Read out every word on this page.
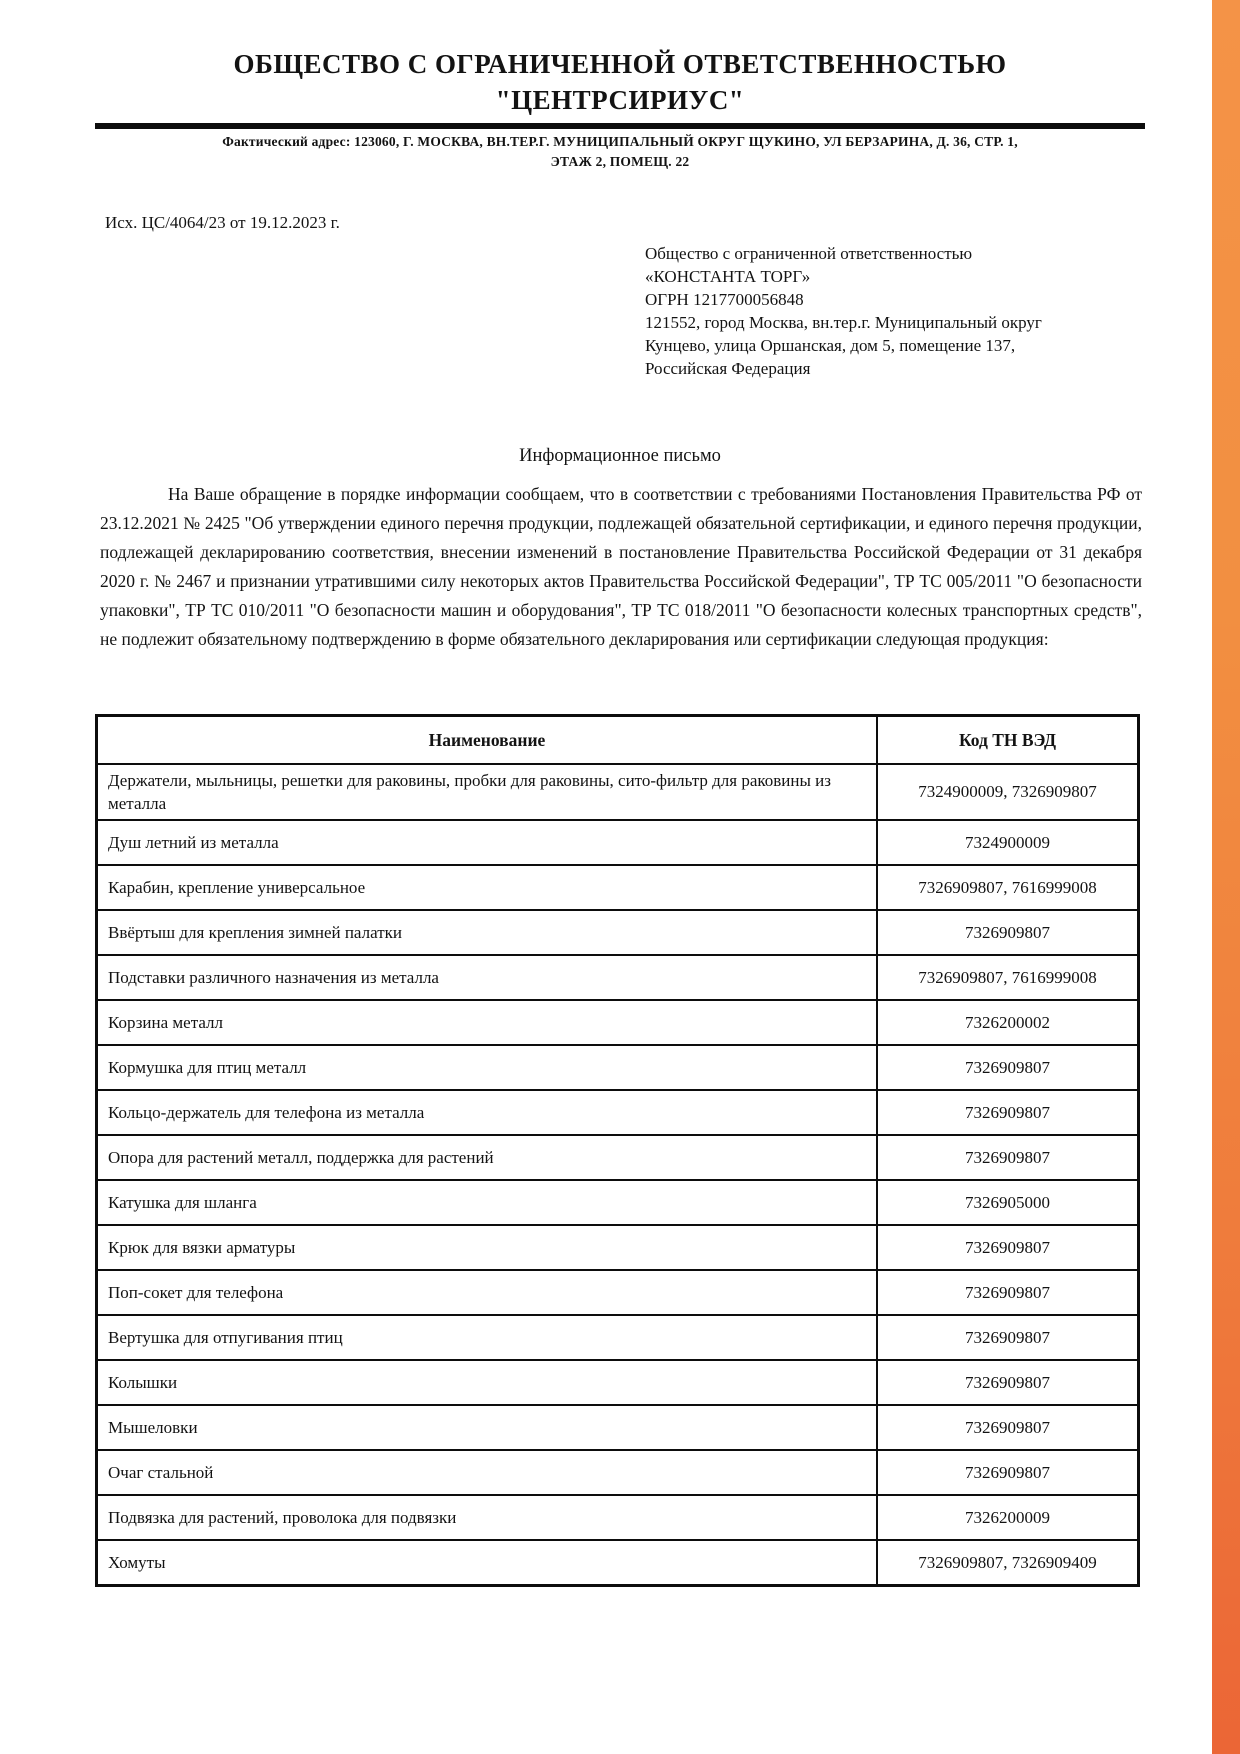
ОБЩЕСТВО С ОГРАНИЧЕННОЙ ОТВЕТСТВЕННОСТЬЮ
"ЦЕНТРСИРИУС"
Фактический адрес: 123060, Г. МОСКВА, ВН.ТЕР.Г. МУНИЦИПАЛЬНЫЙ ОКРУГ ЩУКИНО, УЛ БЕРЗАРИНА, Д. 36, СТР. 1,
ЭТАЖ 2, ПОМЕЩ. 22
Исх. ЦС/4064/23 от 19.12.2023 г.
Общество с ограниченной ответственностью
«КОНСТАНТА ТОРГ»
ОГРН 1217700056848
121552, город Москва, вн.тер.г. Муниципальный округ
Кунцево, улица Оршанская, дом 5, помещение 137,
Российская Федерация
Информационное письмо
На Ваше обращение в порядке информации сообщаем, что в соответствии с требованиями Постановления Правительства РФ от 23.12.2021 № 2425 "Об утверждении единого перечня продукции, подлежащей обязательной сертификации, и единого перечня продукции, подлежащей декларированию соответствия, внесении изменений в постановление Правительства Российской Федерации от 31 декабря 2020 г. № 2467 и признании утратившими силу некоторых актов Правительства Российской Федерации", ТР ТС 005/2011 "О безопасности упаковки", ТР ТС 010/2011 "О безопасности машин и оборудования", ТР ТС 018/2011 "О безопасности колесных транспортных средств", не подлежит обязательному подтверждению в форме обязательного декларирования или сертификации следующая продукция:
Наименование	Код ТН ВЭД
Держатели, мыльницы, решетки для раковины, пробки для раковины, сито-фильтр для раковины из металла	7324900009, 7326909807
Душ летний из металла	7324900009
Карабин, крепление универсальное	7326909807, 7616999008
Ввёртыш для крепления зимней палатки	7326909807
Подставки различного назначения из металла	7326909807, 7616999008
Корзина металл	7326200002
Кормушка для птиц металл	7326909807
Кольцо-держатель для телефона из металла	7326909807
Опора для растений металл, поддержка для растений	7326909807
Катушка для шланга	7326905000
Крюк для вязки арматуры	7326909807
Поп-сокет для телефона	7326909807
Вертушка для отпугивания птиц	7326909807
Колышки	7326909807
Мышеловки	7326909807
Очаг стальной	7326909807
Подвязка для растений, проволока для подвязки	7326200009
Хомуты	7326909807, 7326909409
